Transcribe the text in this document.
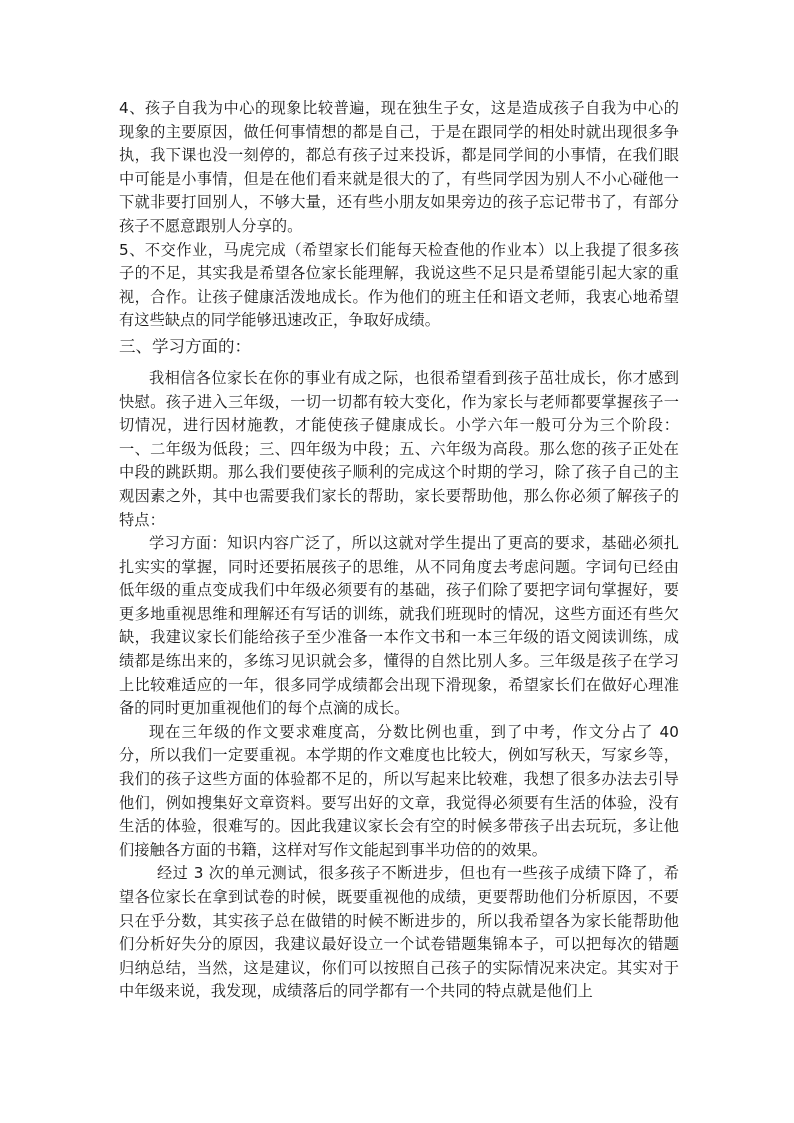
4、孩子自我为中心的现象比较普遍，现在独生子女，这是造成孩子自我为中心的现象的主要原因，做任何事情想的都是自己，于是在跟同学的相处时就出现很多争执，我下课也没一刻停的，都总有孩子过来投诉，都是同学间的小事情，在我们眼中可能是小事情，但是在他们看来就是很大的了，有些同学因为别人不小心碰他一下就非要打回别人，不够大量，还有些小朋友如果旁边的孩子忘记带书了，有部分孩子不愿意跟别人分享的。

5、不交作业，马虎完成（希望家长们能每天检查他的作业本）以上我提了很多孩子的不足，其实我是希望各位家长能理解，我说这些不足只是希望能引起大家的重视，合作。让孩子健康活泼地成长。作为他们的班主任和语文老师，我衷心地希望有这些缺点的同学能够迅速改正，争取好成绩。

三、学习方面的：

我相信各位家长在你的事业有成之际，也很希望看到孩子茁壮成长，你才感到快慰。孩子进入三年级，一切一切都有较大变化，作为家长与老师都要掌握孩子一切情况，进行因材施教，才能使孩子健康成长。小学六年一般可分为三个阶段：一、二年级为低段；三、四年级为中段；五、六年级为高段。那么您的孩子正处在中段的跳跃期。那么我们要使孩子顺利的完成这个时期的学习，除了孩子自己的主观因素之外，其中也需要我们家长的帮助，家长要帮助他，那么你必须了解孩子的特点：

学习方面：知识内容广泛了，所以这就对学生提出了更高的要求，基础必须扎扎实实的掌握，同时还要拓展孩子的思维，从不同角度去考虑问题。字词句已经由低年级的重点变成我们中年级必须要有的基础，孩子们除了要把字词句掌握好，要更多地重视思维和理解还有写话的训练，就我们班现时的情况，这些方面还有些欠缺，我建议家长们能给孩子至少准备一本作文书和一本三年级的语文阅读训练，成绩都是练出来的，多练习见识就会多，懂得的自然比别人多。三年级是孩子在学习上比较难适应的一年，很多同学成绩都会出现下滑现象，希望家长们在做好心理准备的同时更加重视他们的每个点滴的成长。

现在三年级的作文要求难度高，分数比例也重，到了中考，作文分占了 40 分，所以我们一定要重视。本学期的作文难度也比较大，例如写秋天，写家乡等，我们的孩子这些方面的体验都不足的，所以写起来比较难，我想了很多办法去引导他们，例如搜集好文章资料。要写出好的文章，我觉得必须要有生活的体验，没有生活的体验，很难写的。因此我建议家长会有空的时候多带孩子出去玩玩，多让他们接触各方面的书籍，这样对写作文能起到事半功倍的的效果。

经过 3 次的单元测试，很多孩子不断进步，但也有一些孩子成绩下降了，希望各位家长在拿到试卷的时候，既要重视他的成绩，更要帮助他们分析原因，不要只在乎分数，其实孩子总在做错的时候不断进步的，所以我希望各为家长能帮助他们分析好失分的原因，我建议最好设立一个试卷错题集锦本子，可以把每次的错题归纳总结，当然，这是建议，你们可以按照自己孩子的实际情况来决定。其实对于中年级来说，我发现，成绩落后的同学都有一个共同的特点就是他们上
